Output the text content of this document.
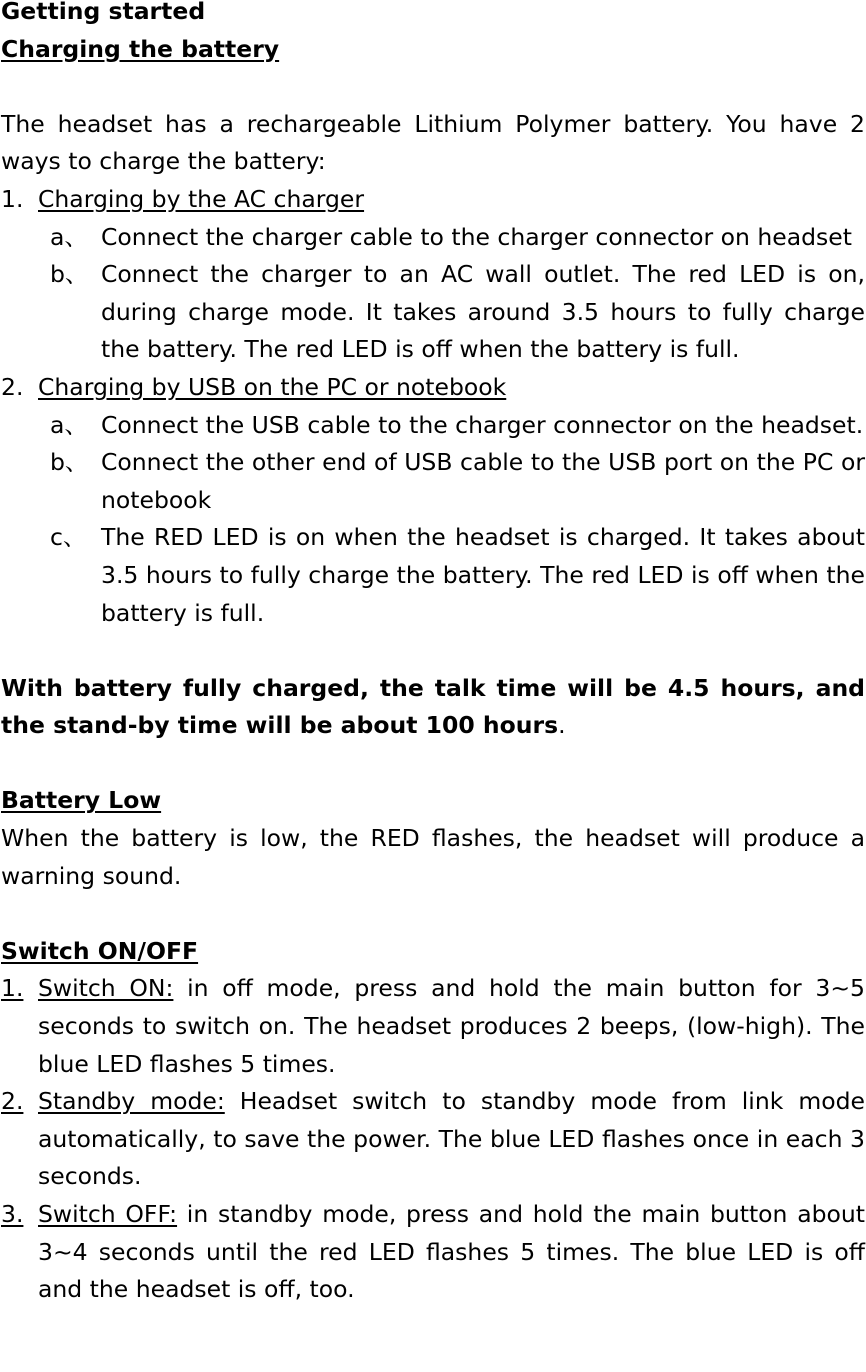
Getting started
Charging the battery
The headset has a rechargeable Lithium Polymer battery. You have 2 ways to charge the battery:
1. Charging by the AC charger
a、 Connect the charger cable to the charger connector on headset
b、 Connect the charger to an AC wall outlet. The red LED is on, during charge mode. It takes around 3.5 hours to fully charge the battery. The red LED is off when the battery is full.
2. Charging by USB on the PC or notebook
a、 Connect the USB cable to the charger connector on the headset.
b、 Connect the other end of USB cable to the USB port on the PC or notebook
c、 The RED LED is on when the headset is charged. It takes about 3.5 hours to fully charge the battery. The red LED is off when the battery is full.
With battery fully charged, the talk time will be 4.5 hours, and the stand-by time will be about 100 hours.
Battery Low
When the battery is low, the RED flashes, the headset will produce a warning sound.
Switch ON/OFF
1. Switch ON: in off mode, press and hold the main button for 3~5 seconds to switch on. The headset produces 2 beeps, (low-high). The blue LED flashes 5 times.
2. Standby mode: Headset switch to standby mode from link mode automatically, to save the power. The blue LED flashes once in each 3 seconds.
3. Switch OFF: in standby mode, press and hold the main button about 3~4 seconds until the red LED flashes 5 times. The blue LED is off and the headset is off, too.
